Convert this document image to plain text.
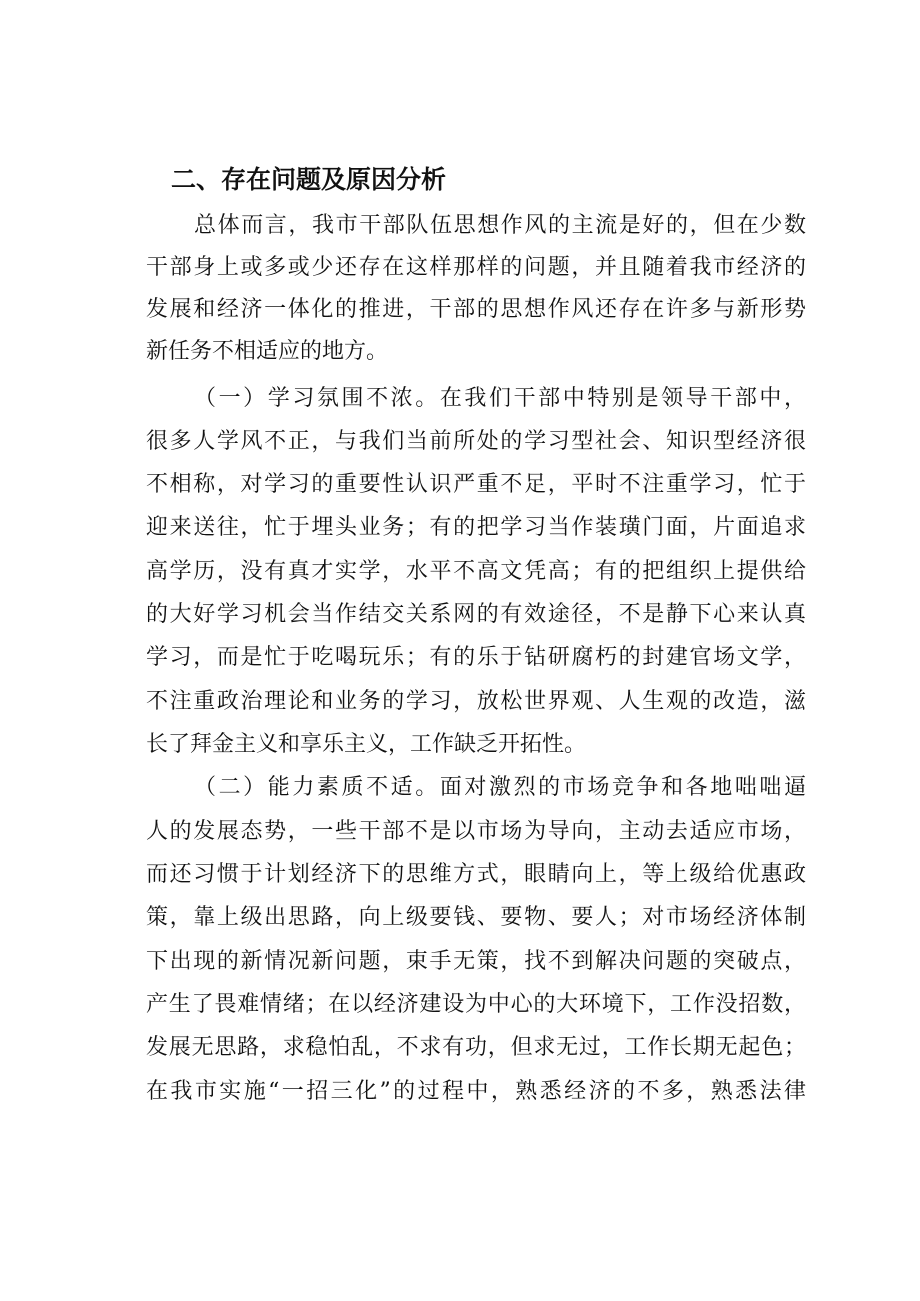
二、存在问题及原因分析
总体而言，我市干部队伍思想作风的主流是好的，但在少数
干部身上或多或少还存在这样那样的问题，并且随着我市经济的
发展和经济一体化的推进，干部的思想作风还存在许多与新形势
新任务不相适应的地方。
（一）学习氛围不浓。在我们干部中特别是领导干部中，
很多人学风不正，与我们当前所处的学习型社会、知识型经济很
不相称，对学习的重要性认识严重不足，平时不注重学习，忙于
迎来送往，忙于埋头业务；有的把学习当作装璜门面，片面追求
高学历，没有真才实学，水平不高文凭高；有的把组织上提供给
的大好学习机会当作结交关系网的有效途径，不是静下心来认真
学习，而是忙于吃喝玩乐；有的乐于钻研腐朽的封建官场文学，
不注重政治理论和业务的学习，放松世界观、人生观的改造，滋
长了拜金主义和享乐主义，工作缺乏开拓性。
（二）能力素质不适。面对激烈的市场竞争和各地咄咄逼
人的发展态势，一些干部不是以市场为导向，主动去适应市场，
而还习惯于计划经济下的思维方式，眼睛向上，等上级给优惠政
策，靠上级出思路，向上级要钱、要物、要人；对市场经济体制
下出现的新情况新问题，束手无策，找不到解决问题的突破点，
产生了畏难情绪；在以经济建设为中心的大环境下，工作没招数，
发展无思路，求稳怕乱，不求有功，但求无过，工作长期无起色；
在我市实施“一招三化”的过程中，熟悉经济的不多，熟悉法律
